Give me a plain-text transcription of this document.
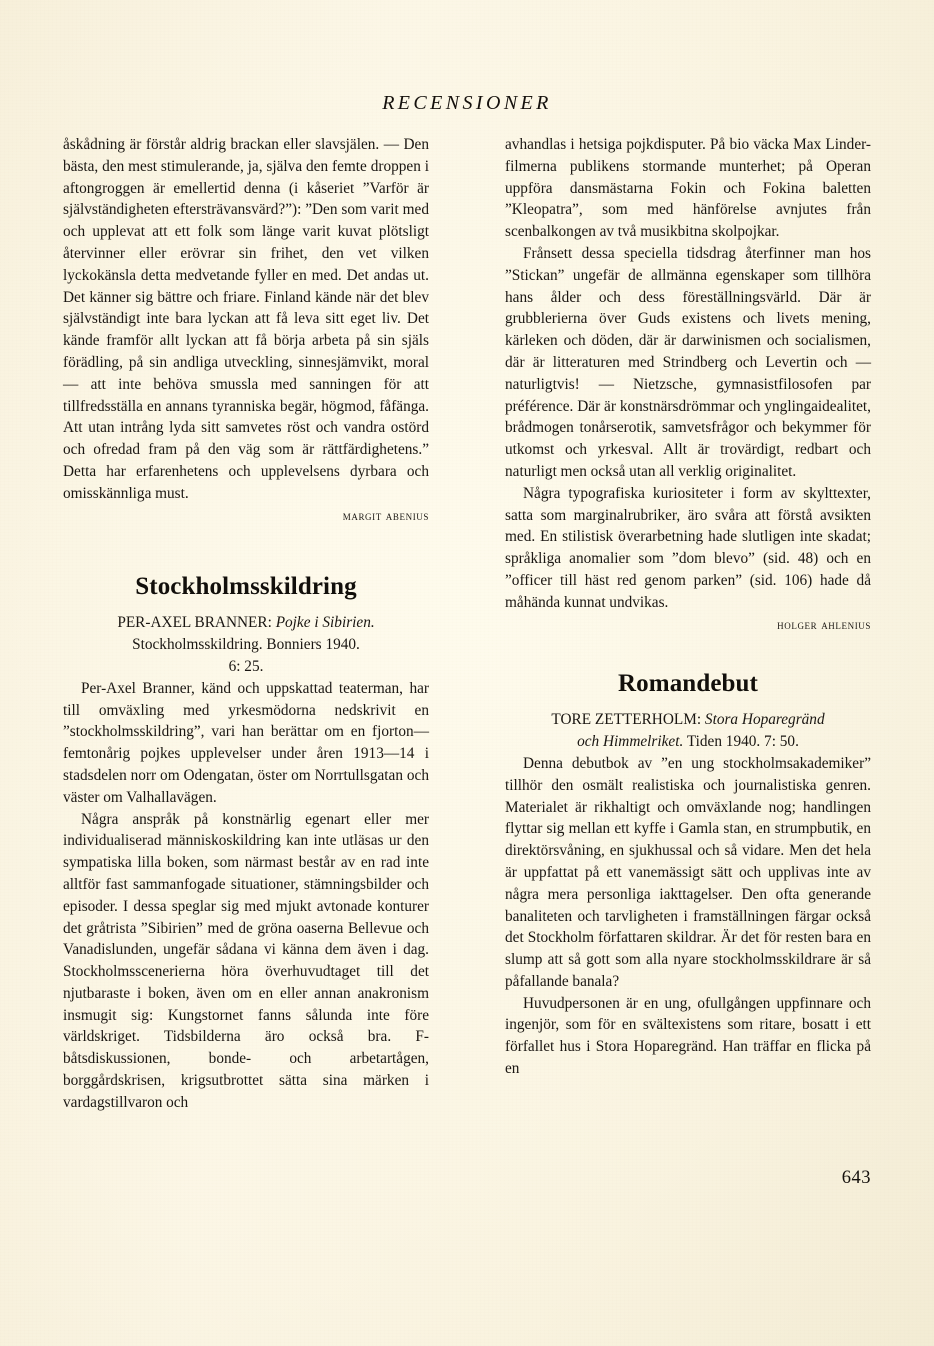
RECENSIONER

åskådning är förstår aldrig brackan eller slavsjälen. — Den bästa, den mest stimulerande, ja, själva den femte droppen i aftongroggen är emellertid denna (i kåseriet ”Varför är självständigheten eftersträvansvärd?”): ”Den som varit med och upplevat att ett folk som länge varit kuvat plötsligt återvinner eller erövrar sin frihet, den vet vilken lyckokänsla detta medvetande fyller en med. Det andas ut. Det känner sig bättre och friare. Finland kände när det blev självständigt inte bara lyckan att få leva sitt eget liv. Det kände framför allt lyckan att få börja arbeta på sin själs förädling, på sin andliga utveckling, sinnesjämvikt, moral — att inte behöva smussla med sanningen för att tillfredsställa en annans tyranniska begär, högmod, fåfänga. Att utan intrång lyda sitt samvetes röst och vandra ostörd och ofredad fram på den väg som är rättfärdighetens.” Detta har erfarenhetens och upplevelsens dyrbara och omisskännliga must.

margit abenius

Stockholmsskildring

PER-AXEL BRANNER: Pojke i Sibirien.

Stockholmsskildring. Bonniers 1940.

6: 25.

Per-Axel Branner, känd och uppskattad teaterman, har till omväxling med yrkesmödorna nedskrivit en ”stockholmsskildring”, vari han berättar om en fjorton—femtonårig pojkes upplevelser under åren 1913—14 i stadsdelen norr om Odengatan, öster om Norrtullsgatan och väster om Valhallavägen.

Några anspråk på konstnärlig egenart eller mer individualiserad människoskildring kan inte utläsas ur den sympatiska lilla boken, som närmast består av en rad inte alltför fast sammanfogade situationer, stämningsbilder och episoder. I dessa speglar sig med mjukt avtonade konturer det gråtrista ”Sibirien” med de gröna oaserna Bellevue och Vanadislunden, ungefär sådana vi känna dem även i dag. Stockholmsscenerierna höra överhuvudtaget till det njutbaraste i boken, även om en eller annan anakronism insmugit sig: Kungstornet fanns sålunda inte före världskriget. Tidsbilderna äro också bra. F-båtsdiskussionen, bonde- och arbetartågen, borggårdskrisen, krigsutbrottet sätta sina märken i vardagstillvaron och

avhandlas i hetsiga pojkdisputer. På bio väcka Max Linder-filmerna publikens stormande munterhet; på Operan uppföra dansmästarna Fokin och Fokina baletten ”Kleopatra”, som med hänförelse avnjutes från scenbalkongen av två musikbitna skolpojkar.

Frånsett dessa speciella tidsdrag återfinner man hos ”Stickan” ungefär de allmänna egenskaper som tillhöra hans ålder och dess föreställningsvärld. Där är grubblerierna över Guds existens och livets mening, kärleken och döden, där är darwinismen och socialismen, där är litteraturen med Strindberg och Levertin och — naturligtvis! — Nietzsche, gymnasistfilosofen par préférence. Där är konstnärsdrömmar och ynglingaidealitet, brådmogen tonårserotik, samvetsfrågor och bekymmer för utkomst och yrkesval. Allt är trovärdigt, redbart och naturligt men också utan all verklig originalitet.

Några typografiska kuriositeter i form av skylttexter, satta som marginalrubriker, äro svåra att förstå avsikten med. En stilistisk överarbetning hade slutligen inte skadat; språkliga anomalier som ”dom blevo” (sid. 48) och en ”officer till häst red genom parken” (sid. 106) hade då måhända kunnat undvikas.

holger ahlenius

Romandebut

TORE ZETTERHOLM: Stora Hoparegränd

och Himmelriket. Tiden 1940. 7: 50.

Denna debutbok av ”en ung stockholmsakademiker” tillhör den osmält realistiska och journalistiska genren. Materialet är rikhaltigt och omväxlande nog; handlingen flyttar sig mellan ett kyffe i Gamla stan, en strumpbutik, en direktörsvåning, en sjukhussal och så vidare. Men det hela är uppfattat på ett vanemässigt sätt och upplivas inte av några mera personliga iakttagelser. Den ofta generande banaliteten och tarvligheten i framställningen färgar också det Stockholm författaren skildrar. Är det för resten bara en slump att så gott som alla nyare stockholmsskildrare är så påfallande banala?

Huvudpersonen är en ung, ofullgången uppfinnare och ingenjör, som för en svältexistens som ritare, bosatt i ett förfallet hus i Stora Hoparegränd. Han träffar en flicka på en

643
